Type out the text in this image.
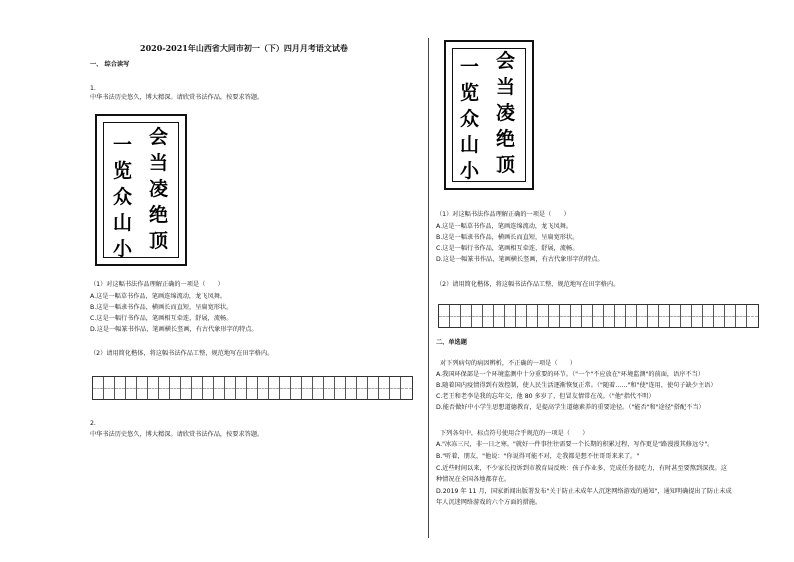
2020-2021年山西省大同市初一（下）四月月考语文试卷
一、 综合读写
1.
中华书法历史悠久，博大精深。请欣赏书法作品，按要求答题。
会
当
凌
绝
顶
一
览
众
山
小
（1）对这幅书法作品理解正确的一项是（　　）
A.这是一幅草书作品，笔画连绵流动，龙飞凤舞。
B.这是一幅隶书作品，横画长而直短，呈扁宽形状。
C.这是一幅行书作品，笔画相互牵连，舒展，流畅。
D.这是一幅篆书作品，笔画横长竖画，有古代象形字的特点。
（2）请用简化楷体，将这幅书法作品工整、规范地写在田字格内。
2.
中华书法历史悠久，博大精深。请欣赏书法作品，按要求答题。
会
当
凌
绝
顶
一
览
众
山
小
（1）对这幅书法作品理解正确的一项是（　　）
A.这是一幅草书作品，笔画连绵流动，龙飞凤舞。
B.这是一幅隶书作品，横画长而直短，呈扁宽形状。
C.这是一幅行书作品，笔画相互牵连，舒展，流畅。
D.这是一幅篆书作品，笔画横长竖画，有古代象形字的特点。
（2）请用简化楷体，将这幅书法作品工整、规范地写在田字格内。
二、单选题
对下列病句的病因辨析，不正确的一项是（　　）
A.我国环保部是一个环境监测中十分重要的环节。（"一个"不应放在"环境监测"的前面，语序不当）
B.随着国内疫情得到有效控制，使人民生活逐渐恢复正常。（"随着……"和"使"连用，使句子缺少主语）
C.老王和老李是我的忘年交，他 80 多岁了，但冒友情常在茂。（"他"指代不明）
D.能否做好中小学生思想道德教育，是提高学生道德素养的重要途径。（"能否"和"途径"搭配不当）
下列各句中，标点符号使用合乎规范的一项是（　　）
A."冰冻三尺，非一日之寒。"就好一件事往往需要一个长期的积累过程，写作更是"路漫漫其修远兮"。
B."听着，朋友，"他说："你说得可能不对，走我都是想不住哥哥来来了。"
C.近些时间以来，不少家长投诉到市教育局反映：孩子作业多，完成任务很吃力，有时甚至要熬到深夜。这
种情况在全国各地都存在。
D.2019 年 11 月，国家新闻出版署发布"关于防止未成年人沉迷网络游戏的通知"，通知明确提出了防止未成
年人沉迷网络游戏的六个方面的措施。
